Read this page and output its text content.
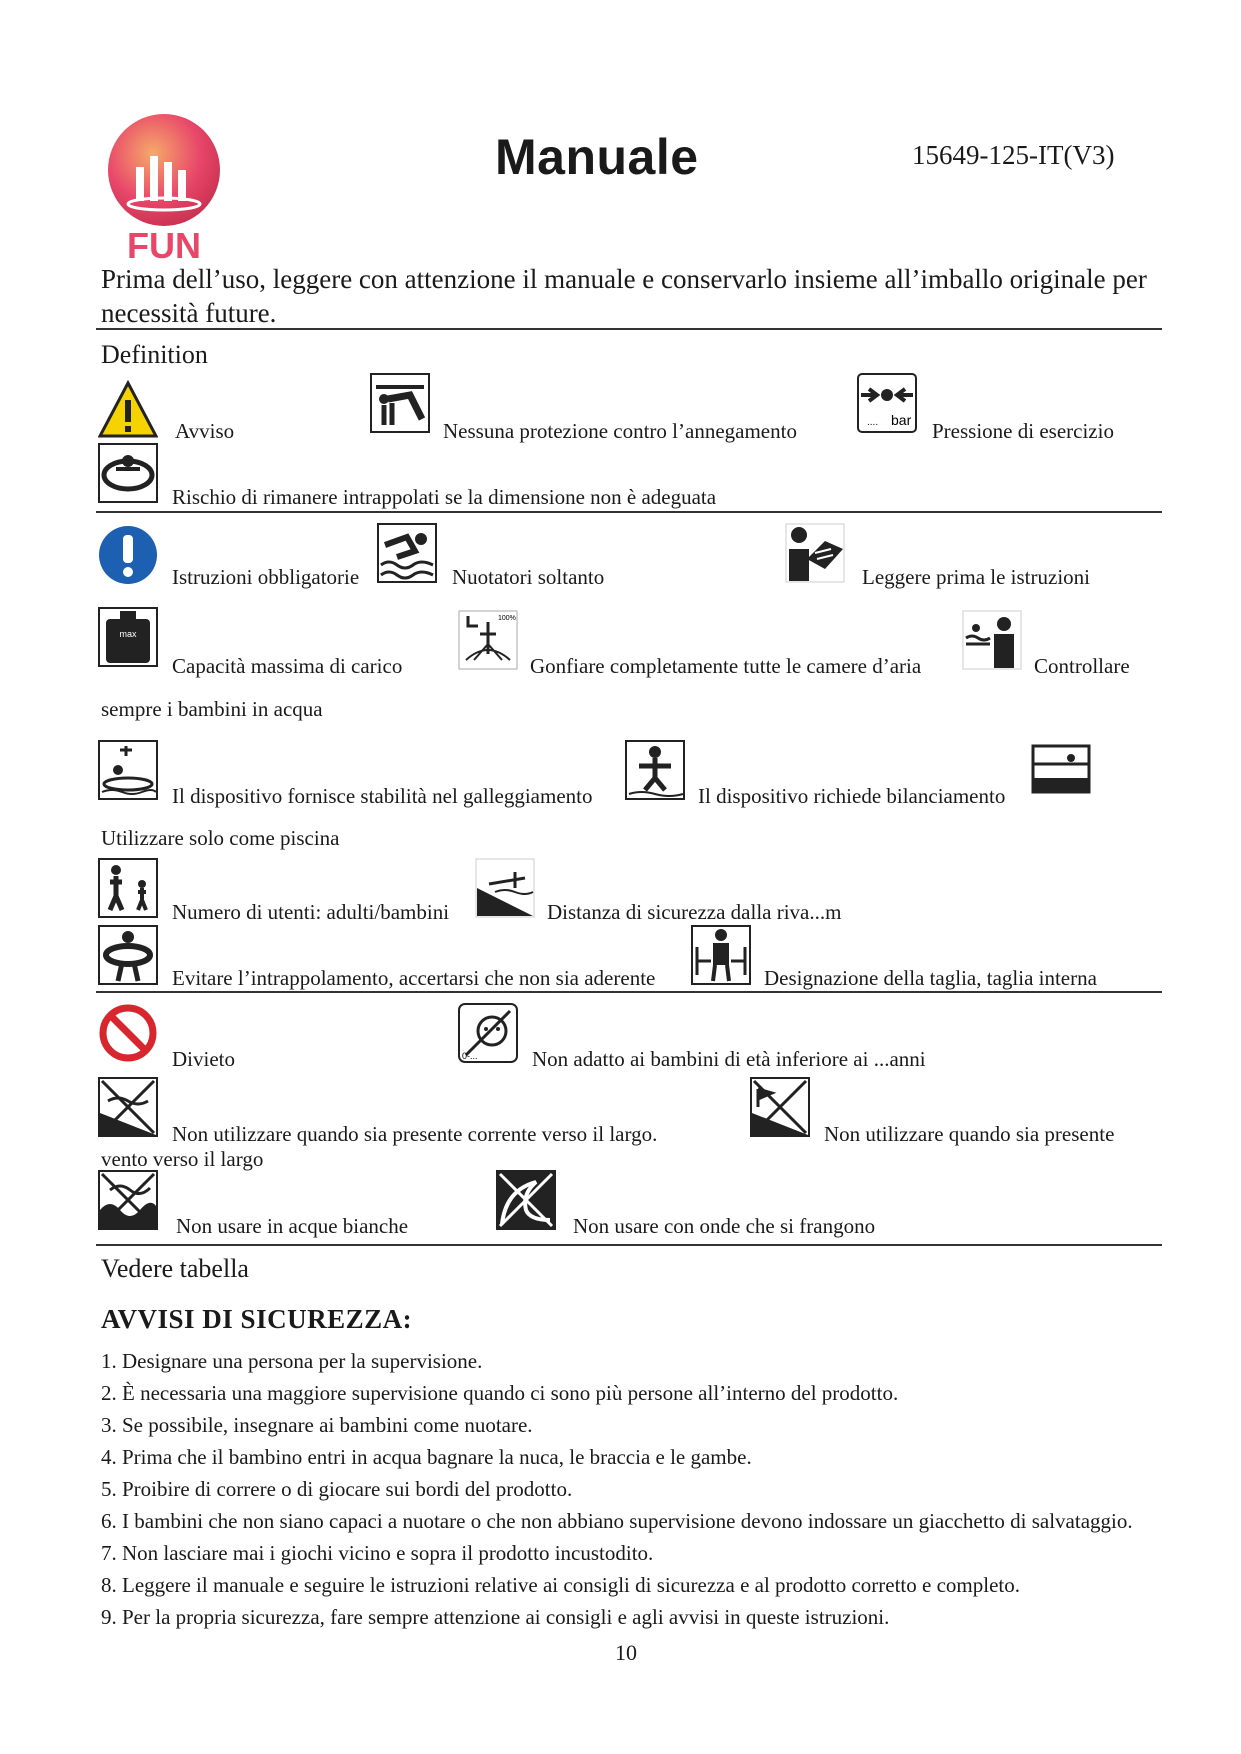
FUN
Manuale	15649-125-IT(V3)
Prima dell’uso, leggere con attenzione il manuale e conservarlo insieme all’imballo originale per necessità future.
Definition
Avviso	Nessuna protezione contro l’annegamento	.... bar Pressione di esercizio
Rischio di rimanere intrappolati se la dimensione non è adeguata
Istruzioni obbligatorie	Nuotatori soltanto	Leggere prima le istruzioni
max
Capacità massima di carico
100%
Gonfiare completamente tutte le camere d’aria	Controllare
sempre i bambini in acqua
Il dispositivo fornisce stabilità nel galleggiamento	Il dispositivo richiede bilanciamento
Utilizzare solo come piscina
Numero di utenti: adulti/bambini	Distanza di sicurezza dalla riva...m
Evitare l’intrappolamento, accertarsi che non sia aderente	Designazione della taglia, taglia interna
Divieto	0-...	Non adatto ai bambini di età inferiore ai ...anni
Non utilizzare quando sia presente corrente verso il largo.	Non utilizzare quando sia presente
vento verso il largo
Non usare in acque bianche	Non usare con onde che si frangono
Vedere tabella
AVVISI DI SICUREZZA:
1. Designare una persona per la supervisione.
2. È necessaria una maggiore supervisione quando ci sono più persone all’interno del prodotto.
3. Se possibile, insegnare ai bambini come nuotare.
4. Prima che il bambino entri in acqua bagnare la nuca, le braccia e le gambe.
5. Proibire di correre o di giocare sui bordi del prodotto.
6. I bambini che non siano capaci a nuotare o che non abbiano supervisione devono indossare un giacchetto di salvataggio.
7. Non lasciare mai i giochi vicino e sopra il prodotto incustodito.
8. Leggere il manuale e seguire le istruzioni relative ai consigli di sicurezza e al prodotto corretto e completo.
9. Per la propria sicurezza, fare sempre attenzione ai consigli e agli avvisi in queste istruzioni.
10
